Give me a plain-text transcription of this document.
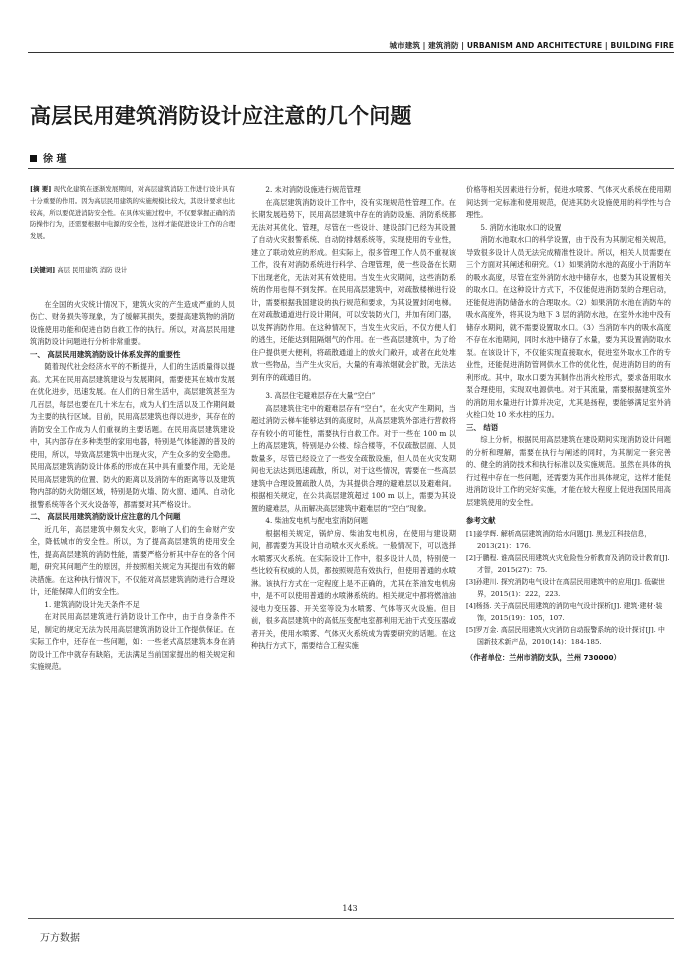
城市建筑 | 建筑消防 | URBANISM AND ARCHITECTURE | BUILDING FIRE
高层民用建筑消防设计应注意的几个问题
徐 瑾

[摘 要] 现代化建筑在逐渐发展期间，对高层建筑消防工作进行设计具有十分重要的作用。因为高层民用建筑的实施规模比较大，其设计要求也比较高，所以要促进消防安全性。在具体实施过程中，不仅要掌握正确的消防操作行为，还需要根据中电源的安全性，这样才能促进设计工作的合理发展。

[关键词] 高层 民用建筑 消防 设计

在全国的火灾统计情况下，建筑火灾的产生造成严重的人员伤亡、财务损失等现象，为了缓解其损失，要提高建筑物的消防设施使用功能和促进自防自救工作的执行。所以，对高层民用建筑消防设计问题进行分析非常重要。

一、 高层民用建筑消防设计体系发挥的重要性

随着现代社会经济水平的不断提升，人们的生活质量得以提高。尤其在民用高层建筑建设与发展期间，需要使其在城市发展在优化进步，迅速发展。在人们的日常生活中，高层建筑甚至为几百层，每层也要在几十米左右，成为人们生活以及工作期间最为主要的执行区域。目前，民用高层建筑也得以进步，其存在的消防安全工作成为人们重视的主要话题。在民用高层建筑建设中，其内部存在多种类型的家用电器，特别是气体能源的普及的使用，所以，导致高层建筑中出现火灾，产生众多的安全隐患。民用高层建筑消防设计体系的形成在其中具有重要作用，无论是民用高层建筑的位置、防火的距离以及消防车的距离等以及建筑物内部的防火防烟区域，特别是防火墙、防火窗、通风、自动化报警系统等各个灭火设备等，都需要对其严格设计。

二、 高层民用建筑消防设计应注意的几个问题

近几年，高层建筑中频发火灾，影响了人们的生命财产安全，降低城市的安全性。所以，为了提高高层建筑的使用安全性，提高高层建筑的消防性能，需要严格分析其中存在的各个问题，研究其问题产生的原因，并按照相关规定为其提出有效的解决措施。在这种执行情况下，不仅能对高层建筑消防进行合理设计，还能保障人们的安全性。

1. 建筑消防设计先天条件不足

在对民用高层建筑进行消防设计工作中，由于自身条件不足，制定的规定无法为民用高层建筑消防设计工作提供保证。在实际工作中，还存在一些问题，如：一些老式高层建筑本身在消防设计工作中就存有缺陷，无法满足当前国家提出的相关规定和实施规范。

2. 未对消防设施进行规范管理

在高层建筑消防设计工作中，没有实现规范性管理工作。在长期发展趋势下，民用高层建筑中存在的消防设施、消防系统都无法对其优化、管理，尽管在一些设计、建设部门已经为其设置了自动火灾报警系统、自动防排烟系统等，实现使用的专业性，建立了联动效应的形成。但实际上，很多管理工作人员不重视该工作，没有对消防系统进行科学、合理管理，使一些设备在长期下出现老化，无法对其有效使用。当发生火灾期间，这些消防系统的作用也得不到发挥。在民用高层建筑中，对疏散楼梯进行设计，需要根据我国建设的执行规范和要求，为其设置封闭电梯。在对疏散通道进行设计期间，可以安装防火门，并加有闭门器，以发挥消防作用。在这种情况下，当发生火灾后，不仅方便人们的逃生，还能达到阻隔烟气的作用。在一些高层建筑中，为了给住户提供更大便利，将疏散通道上的放火门敞开，或者在此处堆放一些物品，当产生火灾后，大量的有毒浓烟就会扩散，无法达到有序的疏通目的。

3. 高层住宅避难层存在大量“空白”

高层建筑住宅中的避难层存有“空白”，在火灾产生期间，当超过消防云梯车能够达到的高度时，从高层建筑外部进行营救将存有较小的可能性，需要执行自救工作。对于一些在 100 m 以上的高层建筑，特别是办公楼、综合楼等，不仅疏散层面、人员数量多，尽管已经设立了一些安全疏散设施，但人员在火灾发期间也无法达到迅速疏散，所以，对于这些情况，需要在一些高层建筑中合理设置疏散人员，为其提供合理的避难层以及避难间。根据相关规定，在公共高层建筑超过 100 m 以上，需要为其设置的避难层，从而解决高层建筑中避难层的“空白”现象。

4. 柴油发电机与配电室消防问题

根据相关规定，锅炉房、柴油发电机房，在使用与建设期间，都需要为其设计自动喷水灭火系统。一般情况下，可以选择水喷雾灭火系统。在实际设计工作中，很多设计人员，特别使一些比较有权威的人员，都按照规范有效执行，但使用普通的水喷淋。该执行方式在一定程度上是不正确的，尤其在茶油发电机房中，是不可以使用普通的水喷淋系统的。相关规定中都将燃油油浸电力变压器、开关室等设为水喷雾、气体等灭火设施。但目前，很多高层建筑中的高低压变配电室都利用无油干式变压器或者开关，使用水喷雾、气体灭火系统成为需要研究的话题。在这种执行方式下，需要结合工程实施

价格等相关因素进行分析，促进水喷雾、气体灭火系统在使用期间达到一定标准和使用规范，促进其防火设施使用的科学性与合理性。

5. 消防水池取水口的设置

消防水池取水口的科学设置，由于没有为其制定相关规范，导致很多设计人员无法完成精准性设计。所以，相关人员需要在三个方面对其阐述和研究。（1）如果消防水池的高度小于消防车的吸水高度，尽管在室外消防水池中储存水，也要为其设置相关的取水口。在这种设计方式下，不仅能促进消防泵的合理启动，还能促进消防储备水的合理取水。（2）如果消防水池在消防车的吸水高度外，将其设为地下 3 层的消防水池，在室外水池中没有储存水期间，就不需要设置取水口。（3）当消防车内的吸水高度不存在水池期间，同时水池中储存了水量，要为其设置消防取水泵。在该设计下，不仅能实现直接取水，促进室外取水工作的专业性，还能促进消防管网供水工作的优化性，促进消防目的的有利形成。其中，取水口要为其制作出消火栓形式，要求备用取水泵合理使用，实现双电源供电。对于其流量，需要根据建筑室外的消防用水量进行计算并决定，尤其是扬程，要能够满足室外消火栓口处 10 米水柱的压力。

三、 结语

综上分析，根据民用高层建筑在建设期间实现消防设计问题的分析和理解，需要在执行与阐述的同时，为其制定一套完善的、健全的消防技术和执行标准以及实施规范。虽然在具体的执行过程中存在一些问题，还需要为其作出具体规定，这样才能促进消防设计工作的完好实施，才能在较大程度上促进我国民用高层建筑使用的安全性。

参考文献
[1]姜学辉. 解析高层建筑消防给水问题[J]. 黑龙江科技信息，2013(21)：176.
[2]于鹏程. 谁高层民用建筑火灾危险性分析教育及消防设计教育[J]. 才智，2015(27)：75.
[3]孙建川. 探究消防电气设计在高层民用建筑中的应用[J]. 低碳世界，2015(1)：222，223.
[4]杨扬. 关于高层民用建筑的消防电气设计探析[J]. 建筑·建材·装饰，2015(19)：105，107.
[5]罗万金. 高层民用建筑火灾消防自动报警系统的设计探讨[J]. 中国新技术新产品，2010(14)：184-185.
（作者单位：兰州市消防支队，兰州 730000）
143
万方数据
